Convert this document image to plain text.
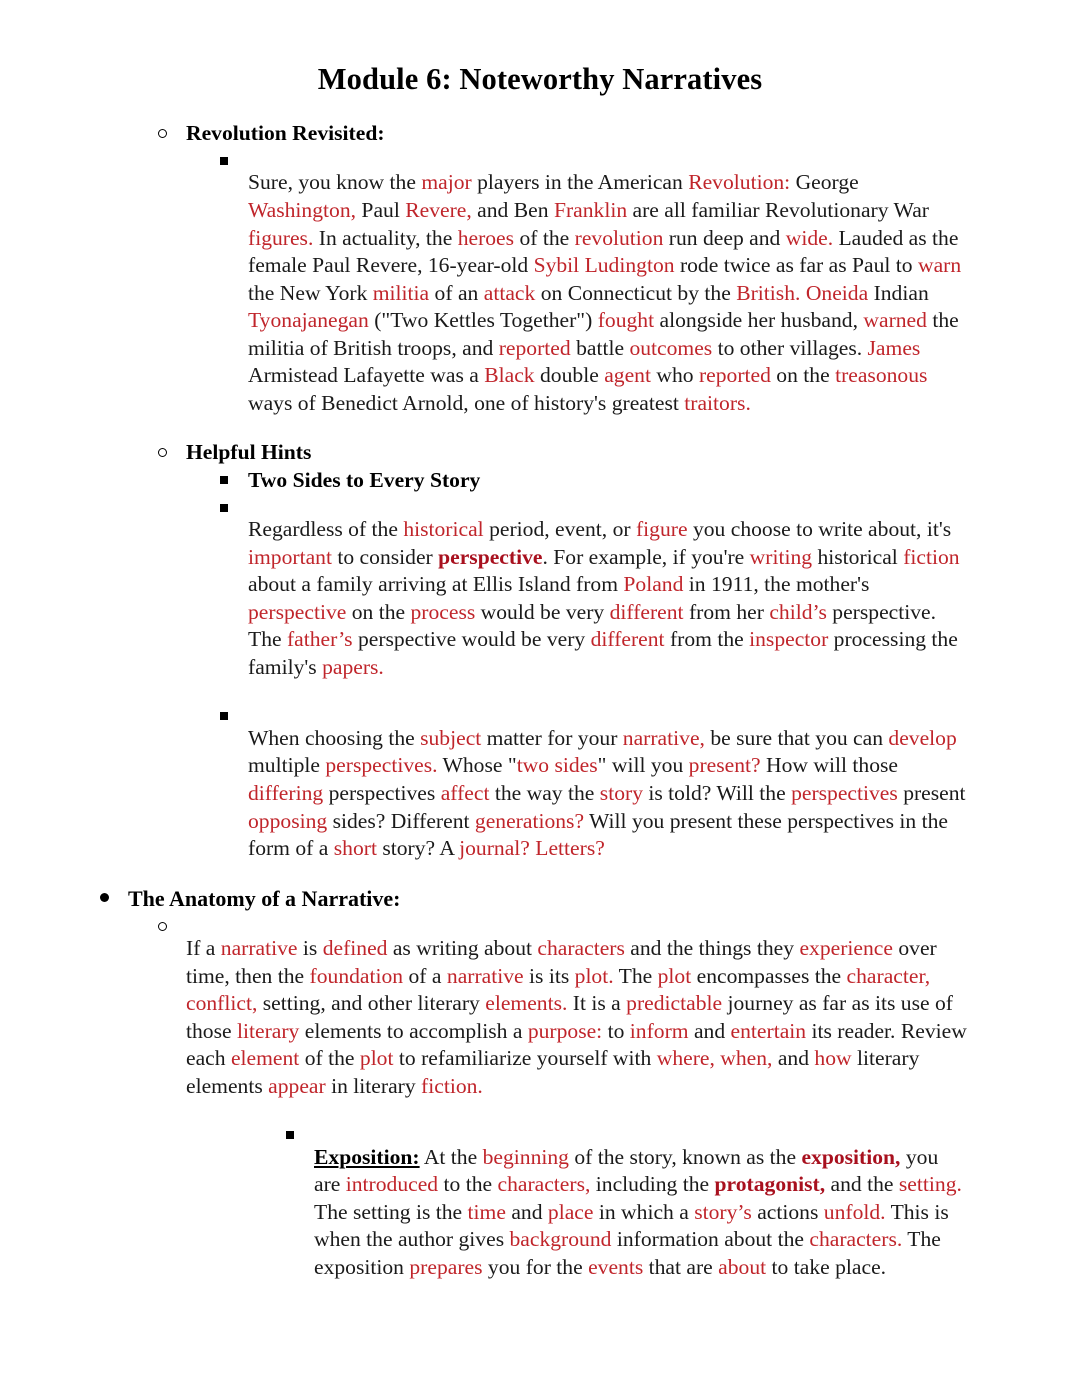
Module 6: Noteworthy Narratives
Revolution Revisited:

Sure, you know the major players in the American Revolution: George Washington, Paul Revere, and Ben Franklin are all familiar Revolutionary War figures. In actuality, the heroes of the revolution run deep and wide. Lauded as the female Paul Revere, 16-year-old Sybil Ludington rode twice as far as Paul to warn the New York militia of an attack on Connecticut by the British. Oneida Indian Tyonajanegan ("Two Kettles Together") fought alongside her husband, warned the militia of British troops, and reported battle outcomes to other villages. James Armistead Lafayette was a Black double agent who reported on the treasonous ways of Benedict Arnold, one of history's greatest traitors.

Helpful Hints
Two Sides to Every Story

Regardless of the historical period, event, or figure you choose to write about, it's important to consider perspective. For example, if you're writing historical fiction about a family arriving at Ellis Island from Poland in 1911, the mother's perspective on the process would be very different from her child’s perspective. The father’s perspective would be very different from the inspector processing the family's papers.

When choosing the subject matter for your narrative, be sure that you can develop multiple perspectives. Whose "two sides" will you present? How will those differing perspectives affect the way the story is told? Will the perspectives present opposing sides? Different generations? Will you present these perspectives in the form of a short story? A journal? Letters?

The Anatomy of a Narrative:

If a narrative is defined as writing about characters and the things they experience over time, then the foundation of a narrative is its plot. The plot encompasses the character, conflict, setting, and other literary elements. It is a predictable journey as far as its use of those literary elements to accomplish a purpose: to inform and entertain its reader. Review each element of the plot to refamiliarize yourself with where, when, and how literary elements appear in literary fiction.

Exposition: At the beginning of the story, known as the exposition, you are introduced to the characters, including the protagonist, and the setting. The setting is the time and place in which a story’s actions unfold. This is when the author gives background information about the characters. The exposition prepares you for the events that are about to take place.
